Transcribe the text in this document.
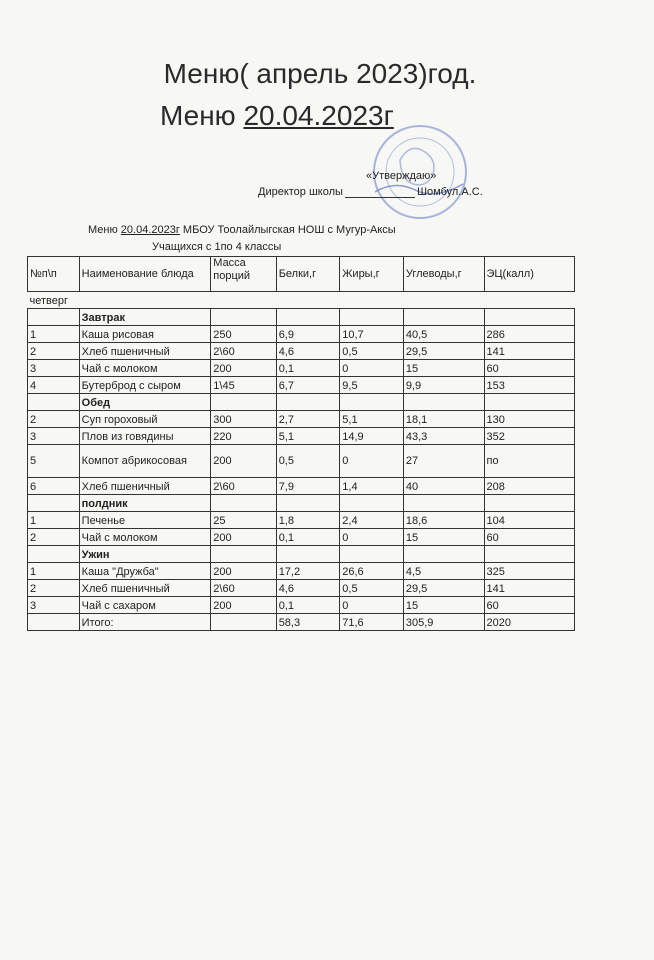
Меню( апрель 2023)год.
Меню 20.04.2023г
«Утверждаю»
Директор школы	Шомбул.А.С.
Меню 20.04.2023г МБОУ Тоолайлыгская НОШ с Мугур-Аксы
Учащихся с 1по 4 классы
№п\п	Наименование блюда	Масса порций	Белки,г	Жиры,г	Углеводы,г	ЭЦ(калл)
четверг						
	Завтрак					
1	Каша рисовая	250	6,9	10,7	40,5	286
2	Хлеб пшеничный	2\60	4,6	0,5	29,5	141
3	Чай с молоком	200	0,1	0	15	60
4	Бутерброд с сыром	1\45	6,7	9,5	9,9	153
	Обед					
2	Суп гороховый	300	2,7	5,1	18,1	130
3	Плов из говядины	220	5,1	14,9	43,3	352
5	Компот абрикосовая	200	0,5	0	27	по
6	Хлеб пшеничный	2\60	7,9	1,4	40	208
	полдник					
1	Печенье	25	1,8	2,4	18,6	104
2	Чай с молоком	200	0,1	0	15	60
	Ужин					
1	Каша "Дружба"	200	17,2	26,6	4,5	325
2	Хлеб пшеничный	2\60	4,6	0,5	29,5	141
3	Чай с сахаром	200	0,1	0	15	60
	Итого:		58,3	71,6	305,9	2020
